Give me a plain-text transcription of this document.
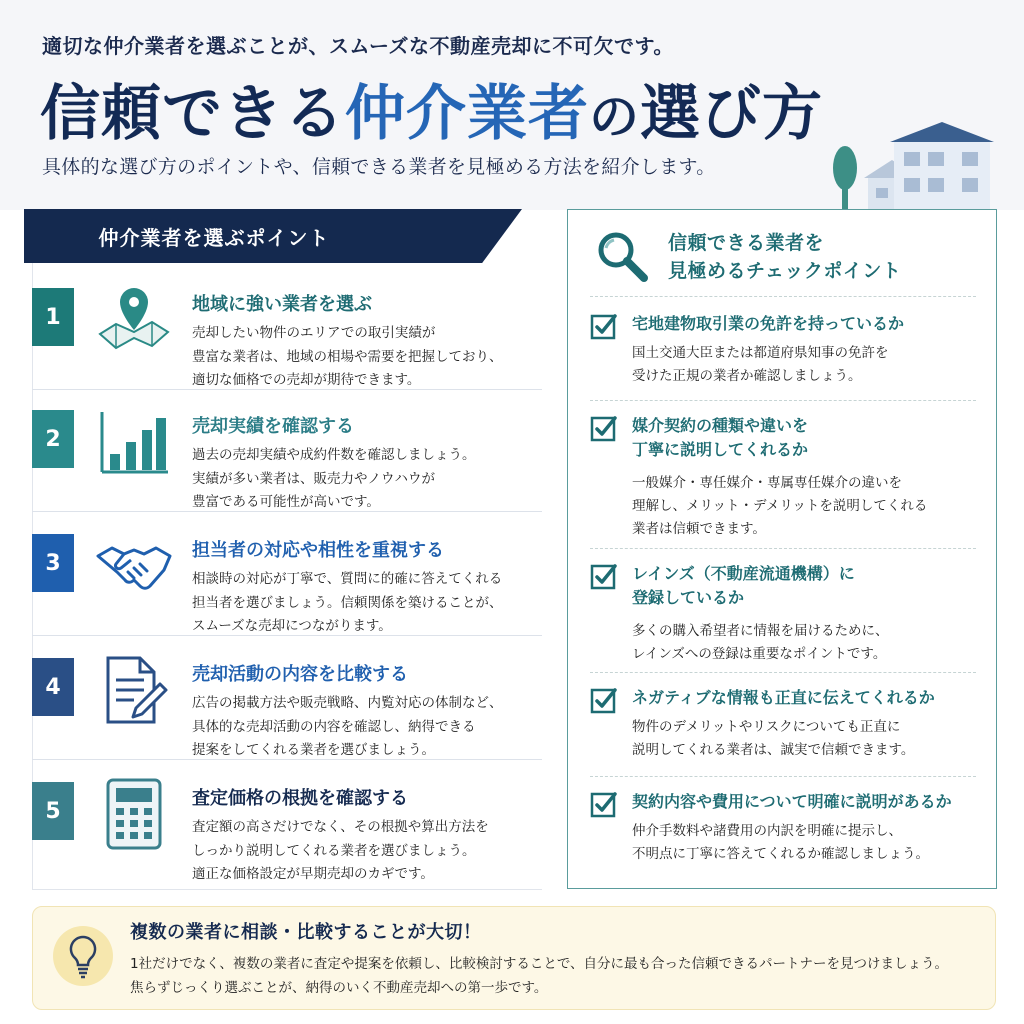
適切な仲介業者を選ぶことが、スムーズな不動産売却に不可欠です。
信頼できる仲介業者の選び方
具体的な選び方のポイントや、信頼できる業者を見極める方法を紹介します。
仲介業者を選ぶポイント
1	地域に強い業者を選ぶ
売却したい物件のエリアでの取引実績が
豊富な業者は、地域の相場や需要を把握しており、
適切な価格での売却が期待できます。
2	売却実績を確認する
過去の売却実績や成約件数を確認しましょう。
実績が多い業者は、販売力やノウハウが
豊富である可能性が高いです。
3	担当者の対応や相性を重視する
相談時の対応が丁寧で、質問に的確に答えてくれる
担当者を選びましょう。信頼関係を築けることが、
スムーズな売却につながります。
4	売却活動の内容を比較する
広告の掲載方法や販売戦略、内覧対応の体制など、
具体的な売却活動の内容を確認し、納得できる
提案をしてくれる業者を選びましょう。
5	査定価格の根拠を確認する
査定額の高さだけでなく、その根拠や算出方法を
しっかり説明してくれる業者を選びましょう。
適正な価格設定が早期売却のカギです。
信頼できる業者を
見極めるチェックポイント
宅地建物取引業の免許を持っているか
国土交通大臣または都道府県知事の免許を
受けた正規の業者か確認しましょう。
媒介契約の種類や違いを
丁寧に説明してくれるか
一般媒介・専任媒介・専属専任媒介の違いを
理解し、メリット・デメリットを説明してくれる
業者は信頼できます。
レインズ（不動産流通機構）に
登録しているか
多くの購入希望者に情報を届けるために、
レインズへの登録は重要なポイントです。
ネガティブな情報も正直に伝えてくれるか
物件のデメリットやリスクについても正直に
説明してくれる業者は、誠実で信頼できます。
契約内容や費用について明確に説明があるか
仲介手数料や諸費用の内訳を明確に提示し、
不明点に丁寧に答えてくれるか確認しましょう。
複数の業者に相談・比較することが大切！
1社だけでなく、複数の業者に査定や提案を依頼し、比較検討することで、自分に最も合った信頼できるパートナーを見つけましょう。
焦らずじっくり選ぶことが、納得のいく不動産売却への第一歩です。
